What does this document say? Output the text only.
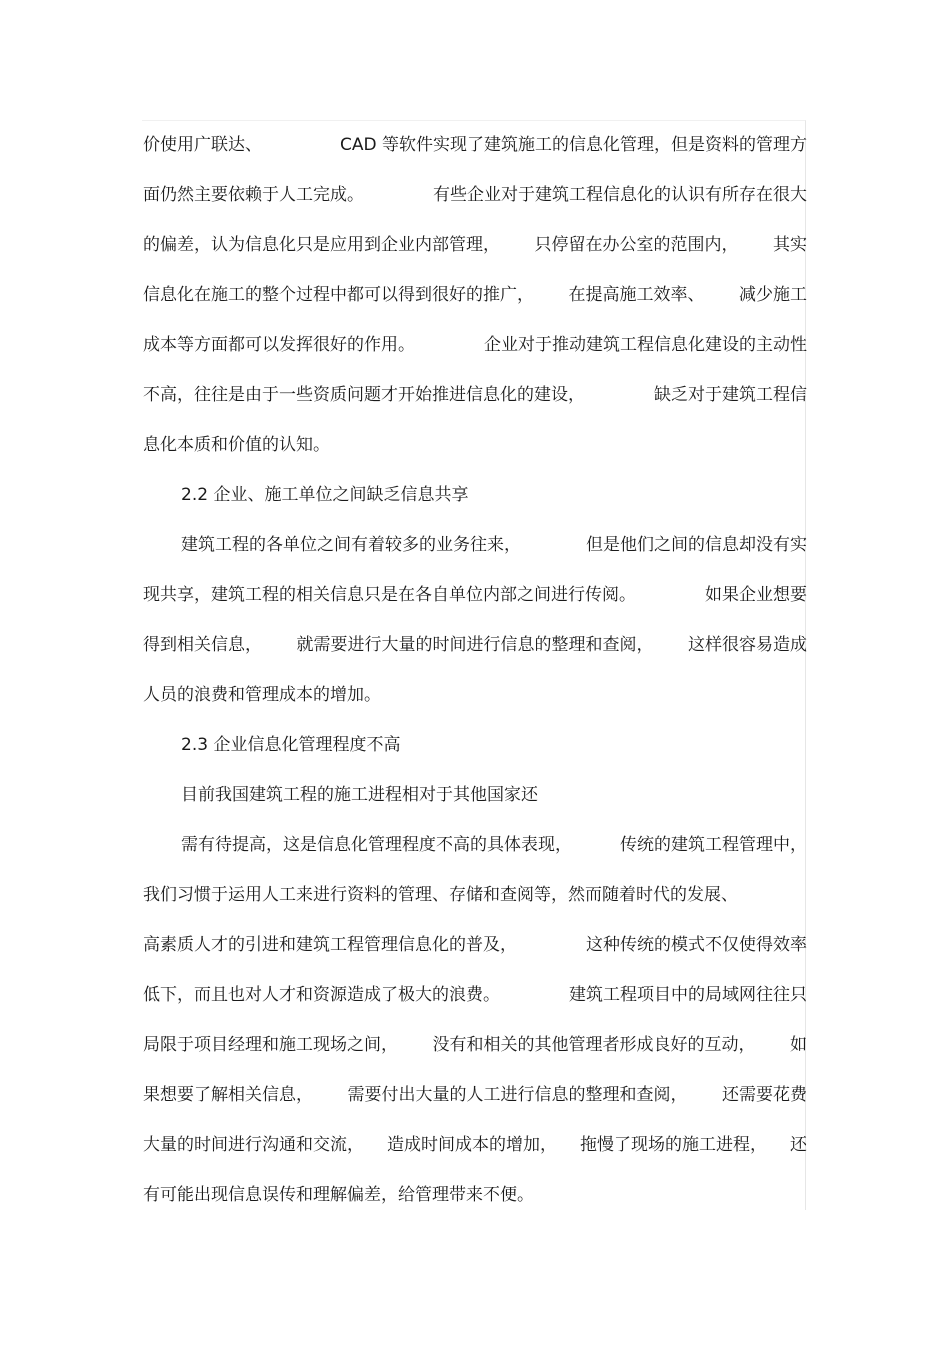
价使用广联达、	CAD 等软件实现了建筑施工的信息化管理，但是资料的管理方
面仍然主要依赖于人工完成。	有些企业对于建筑工程信息化的认识有所存在很大
的偏差，认为信息化只是应用到企业内部管理， 只停留在办公室的范围内， 其实
信息化在施工的整个过程中都可以得到很好的推广， 在提高施工效率、 减少施工
成本等方面都可以发挥很好的作用。	企业对于推动建筑工程信息化建设的主动性
不高，往往是由于一些资质问题才开始推进信息化的建设，	缺乏对于建筑工程信
息化本质和价值的认知。
2.2 企业、施工单位之间缺乏信息共享
建筑工程的各单位之间有着较多的业务往来，	但是他们之间的信息却没有实
现共享，建筑工程的相关信息只是在各自单位内部之间进行传阅。	如果企业想要
得到相关信息， 就需要进行大量的时间进行信息的整理和查阅， 这样很容易造成
人员的浪费和管理成本的增加。
2.3 企业信息化管理程度不高
目前我国建筑工程的施工进程相对于其他国家还
需有待提高，这是信息化管理程度不高的具体表现，	传统的建筑工程管理中，
我们习惯于运用人工来进行资料的管理、存储和查阅等，然而随着时代的发展、
高素质人才的引进和建筑工程管理信息化的普及，	这种传统的模式不仅使得效率
低下，而且也对人才和资源造成了极大的浪费。	建筑工程项目中的局域网往往只
局限于项目经理和施工现场之间， 没有和相关的其他管理者形成良好的互动， 如
果想要了解相关信息， 需要付出大量的人工进行信息的整理和查阅， 还需要花费
大量的时间进行沟通和交流， 造成时间成本的增加， 拖慢了现场的施工进程， 还
有可能出现信息误传和理解偏差，给管理带来不便。
